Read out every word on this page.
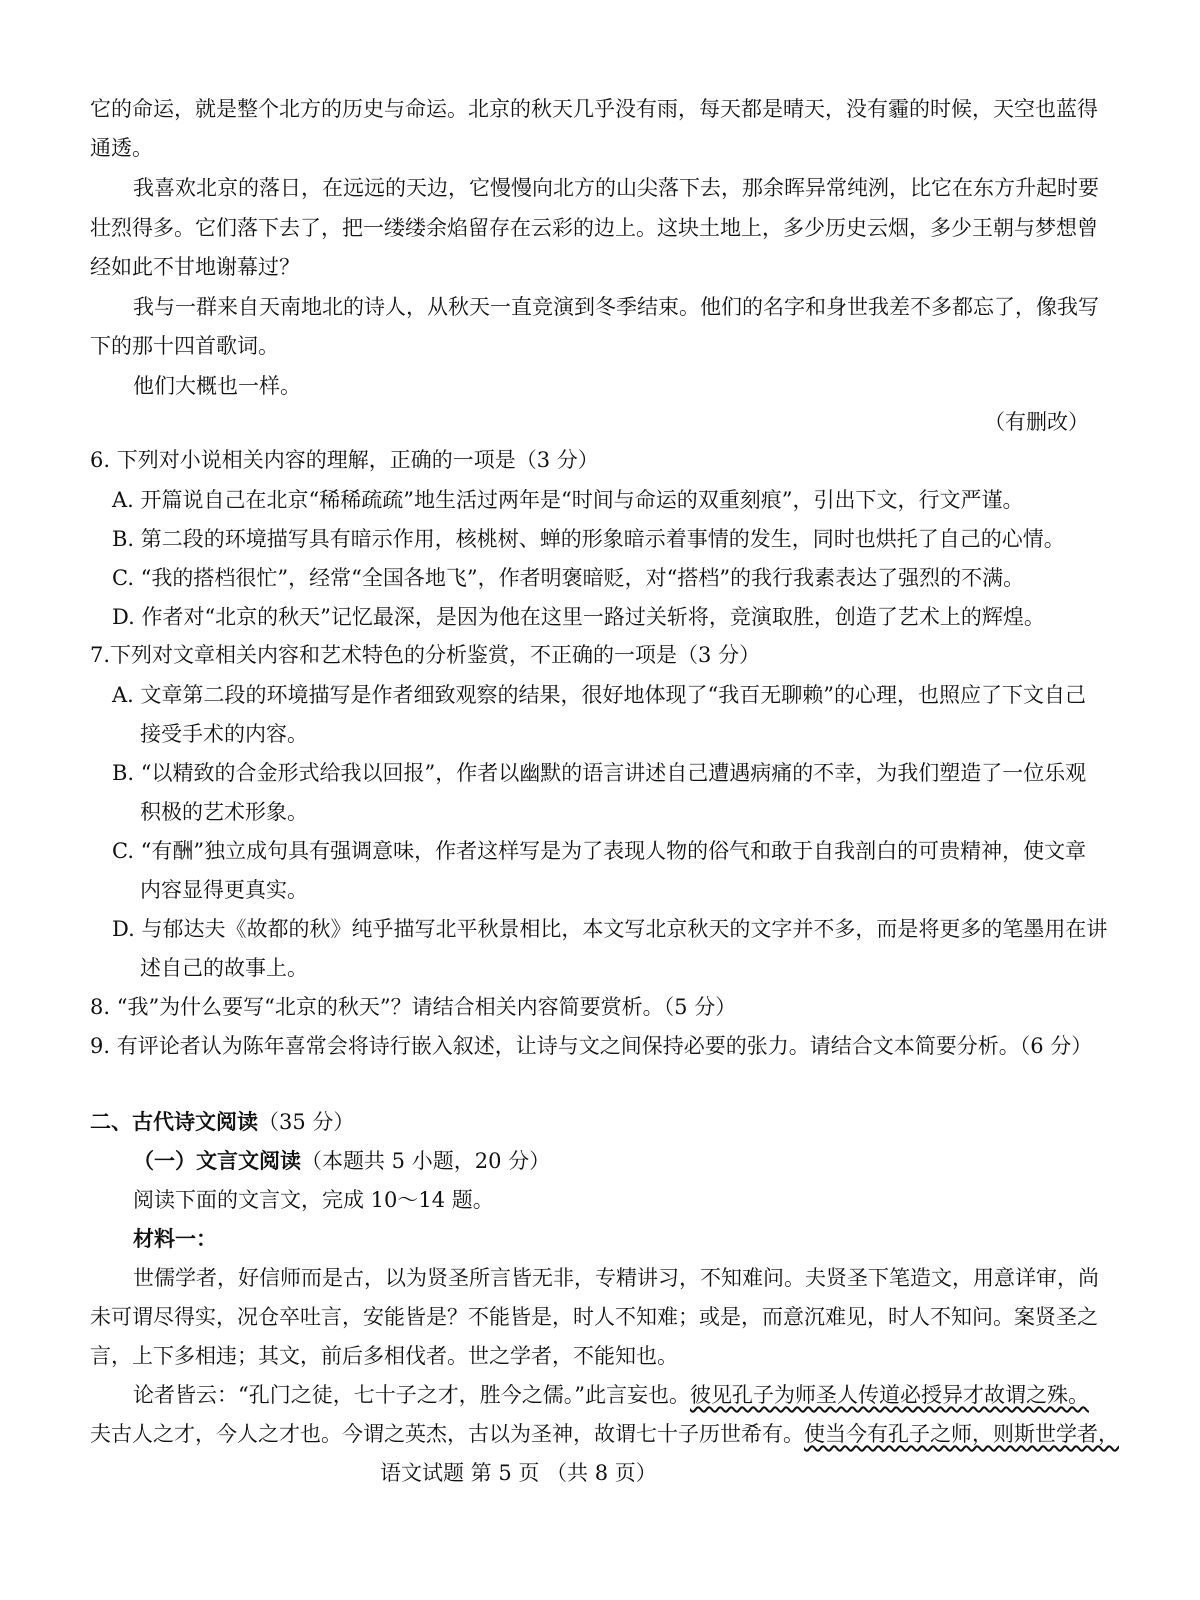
它的命运，就是整个北方的历史与命运。北京的秋天几乎没有雨，每天都是晴天，没有霾的时候，天空也蓝得
通透。
我喜欢北京的落日，在远远的天边，它慢慢向北方的山尖落下去，那余晖异常纯洌，比它在东方升起时要
壮烈得多。它们落下去了，把一缕缕余焰留存在云彩的边上。这块土地上，多少历史云烟，多少王朝与梦想曾
经如此不甘地谢幕过？
我与一群来自天南地北的诗人，从秋天一直竞演到冬季结束。他们的名字和身世我差不多都忘了，像我写
下的那十四首歌词。
他们大概也一样。
（有删改）
6. 下列对小说相关内容的理解，正确的一项是（3 分）
A. 开篇说自己在北京“稀稀疏疏”地生活过两年是“时间与命运的双重刻痕”，引出下文，行文严谨。
B. 第二段的环境描写具有暗示作用，核桃树、蝉的形象暗示着事情的发生，同时也烘托了自己的心情。
C. “我的搭档很忙”，经常“全国各地飞”，作者明褒暗贬，对“搭档”的我行我素表达了强烈的不满。
D. 作者对“北京的秋天”记忆最深，是因为他在这里一路过关斩将，竞演取胜，创造了艺术上的辉煌。
7.下列对文章相关内容和艺术特色的分析鉴赏，不正确的一项是（3 分）
A. 文章第二段的环境描写是作者细致观察的结果，很好地体现了“我百无聊赖”的心理，也照应了下文自己
接受手术的内容。
B. “以精致的合金形式给我以回报”，作者以幽默的语言讲述自己遭遇病痛的不幸，为我们塑造了一位乐观
积极的艺术形象。
C. “有酬”独立成句具有强调意味，作者这样写是为了表现人物的俗气和敢于自我剖白的可贵精神，使文章
内容显得更真实。
D. 与郁达夫《故都的秋》纯乎描写北平秋景相比，本文写北京秋天的文字并不多，而是将更多的笔墨用在讲
述自己的故事上。
8. “我”为什么要写“北京的秋天”？请结合相关内容简要赏析。（5 分）
9. 有评论者认为陈年喜常会将诗行嵌入叙述，让诗与文之间保持必要的张力。请结合文本简要分析。（6 分）
二、古代诗文阅读（35 分）
（一）文言文阅读（本题共 5 小题，20 分）
阅读下面的文言文，完成 10～14 题。
材料一：
世儒学者，好信师而是古，以为贤圣所言皆无非，专精讲习，不知难问。夫贤圣下笔造文，用意详审，尚
未可谓尽得实，况仓卒吐言，安能皆是？不能皆是，时人不知难；或是，而意沉难见，时人不知问。案贤圣之
言，上下多相违；其文，前后多相伐者。世之学者，不能知也。
论者皆云：“孔门之徒，七十子之才，胜今之儒。”此言妄也。彼见孔子为师圣人传道必授异才故谓之殊。
夫古人之才，今人之才也。今谓之英杰，古以为圣神，故谓七十子历世希有。使当今有孔子之师，则斯世学者，
语文试题 第 5 页 （共 8 页）
